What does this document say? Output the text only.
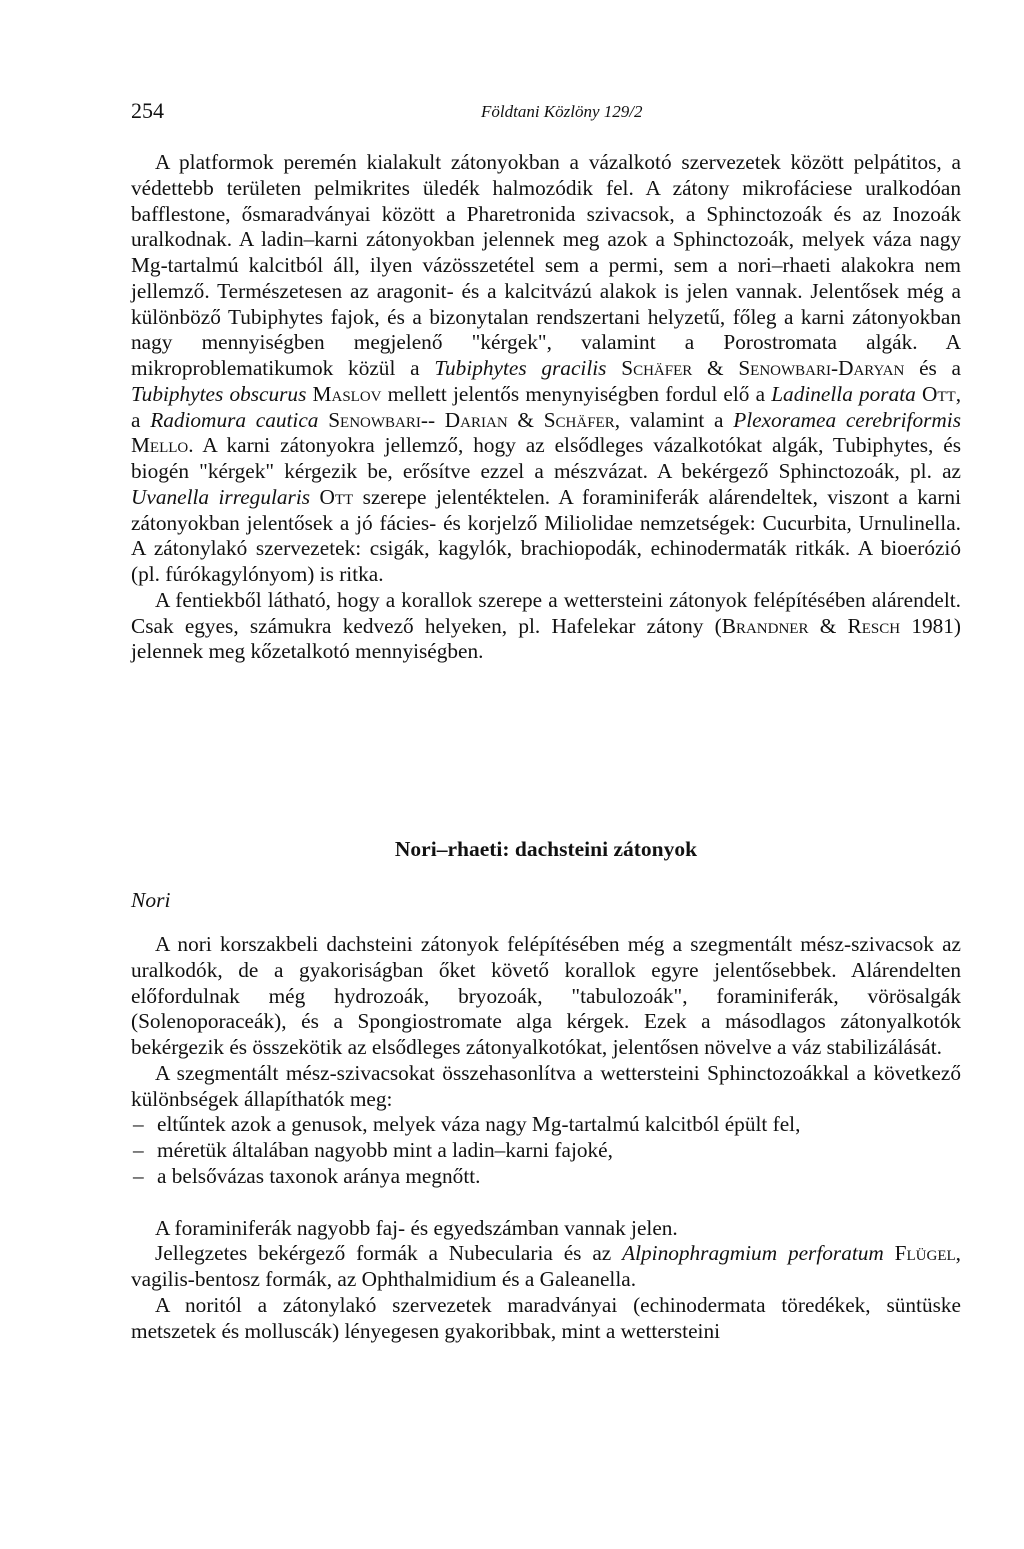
254	Földtani Közlöny 129/2

A platformok peremén kialakult zátonyokban a vázalkotó szervezetek között pelpátitos, a védettebb területen pelmikrites üledék halmozódik fel. A zátony mikrofáciese uralkodóan bafflestone, ősmaradványai között a Pharetronida szivacsok, a Sphinctozoák és az Inozoák uralkodnak. A ladin–karni zátonyokban jelennek meg azok a Sphinctozoák, melyek váza nagy Mg-tartalmú kalcitból áll, ilyen vázösszetétel sem a permi, sem a nori–rhaeti alakokra nem jellemző. Természetesen az aragonit- és a kalcitvázú alakok is jelen vannak. Jelentősek még a különböző Tubiphytes fajok, és a bizonytalan rendszertani helyzetű, főleg a karni zátonyokban nagy mennyiségben megjelenő "kérgek", valamint a Porostromata algák. A mikroproblematikumok közül a Tubiphytes gracilis Schäfer & Senowbari-Daryan és a Tubiphytes obscurus Maslov mellett jelentős menynyiségben fordul elő a Ladinella porata Ott, a Radiomura cautica Senowbari-- Darian & Schäfer, valamint a Plexoramea cerebriformis Mello. A karni zátonyokra jellemző, hogy az elsődleges vázalkotókat algák, Tubiphytes, és biogén "kérgek" kérgezik be, erősítve ezzel a mészvázat. A bekérgező Sphinctozoák, pl. az Uvanella irregularis Ott szerepe jelentéktelen. A foraminiferák alárendeltek, viszont a karni zátonyokban jelentősek a jó fácies- és korjelző Miliolidae nemzetségek: Cucurbita, Urnulinella. A zátonylakó szervezetek: csigák, kagylók, brachiopodák, echinodermaták ritkák. A bioerózió (pl. fúrókagylónyom) is ritka.

A fentiekből látható, hogy a korallok szerepe a wettersteini zátonyok felépítésében alárendelt. Csak egyes, számukra kedvező helyeken, pl. Hafelekar zátony (Brandner & Resch 1981) jelennek meg kőzetalkotó mennyiségben.

Nori–rhaeti: dachsteini zátonyok
Nori

A nori korszakbeli dachsteini zátonyok felépítésében még a szegmentált mész-szivacsok az uralkodók, de a gyakoriságban őket követő korallok egyre jelentősebbek. Alárendelten előfordulnak még hydrozoák, bryozoák, "tabulozoák", foraminiferák, vörösalgák (Solenoporaceák), és a Spongiostromate alga kérgek. Ezek a másodlagos zátonyalkotók bekérgezik és összekötik az elsődleges zátonyalkotókat, jelentősen növelve a váz stabilizálását.

A szegmentált mész-szivacsokat összehasonlítva a wettersteini Sphinctozoákkal a következő különbségek állapíthatók meg:

– eltűntek azok a genusok, melyek váza nagy Mg-tartalmú kalcitból épült fel,
– méretük általában nagyobb mint a ladin–karni fajoké,
– a belsővázas taxonok aránya megnőtt.

A foraminiferák nagyobb faj- és egyedszámban vannak jelen.

Jellegzetes bekérgező formák a Nubecularia és az Alpinophragmium perforatum Flügel, vagilis-bentosz formák, az Ophthalmidium és a Galeanella.

A noritól a zátonylakó szervezetek maradványai (echinodermata töredékek, süntüske metszetek és molluscák) lényegesen gyakoribbak, mint a wettersteini
